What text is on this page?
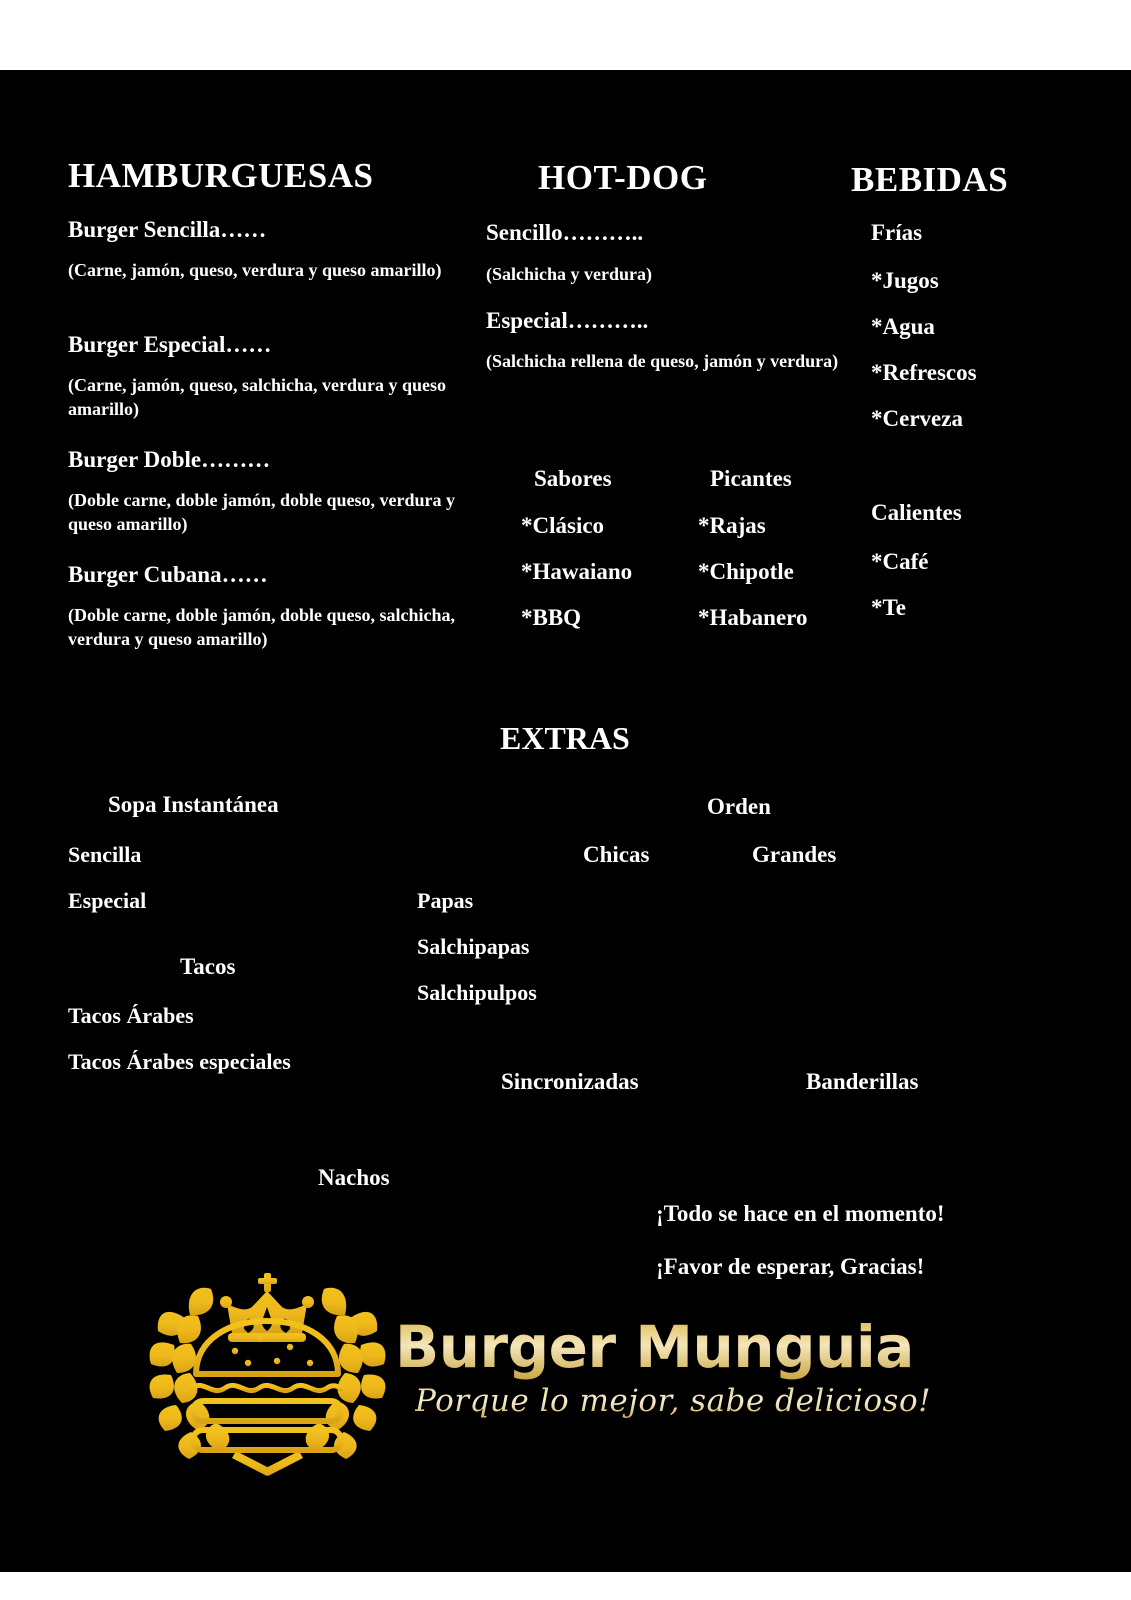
HAMBURGUESAS
Burger Sencilla……
(Carne, jamón, queso, verdura y queso amarillo)
Burger Especial……
(Carne, jamón, queso, salchicha, verdura y queso amarillo)
Burger Doble………
(Doble carne, doble jamón, doble queso, verdura y queso amarillo)
Burger Cubana……
(Doble carne, doble jamón, doble queso, salchicha, verdura y queso amarillo)
HOT-DOG
Sencillo………..
(Salchicha y verdura)
Especial………..
(Salchicha rellena de queso, jamón y verdura)
Sabores
*Clásico
*Hawaiano
*BBQ
Picantes
*Rajas
*Chipotle
*Habanero
BEBIDAS
Frías
*Jugos
*Agua
*Refrescos
*Cerveza
Calientes
*Café
*Te
EXTRAS
Sopa Instantánea
Sencilla
Especial
Tacos
Tacos Árabes
Tacos Árabes especiales
Orden
Chicas	Grandes
Papas
Salchipapas
Salchipulpos
Sincronizadas	Banderillas
Nachos
¡Todo se hace en el momento!
¡Favor de esperar, Gracias!
Burger Munguia
Porque lo mejor, sabe delicioso!
